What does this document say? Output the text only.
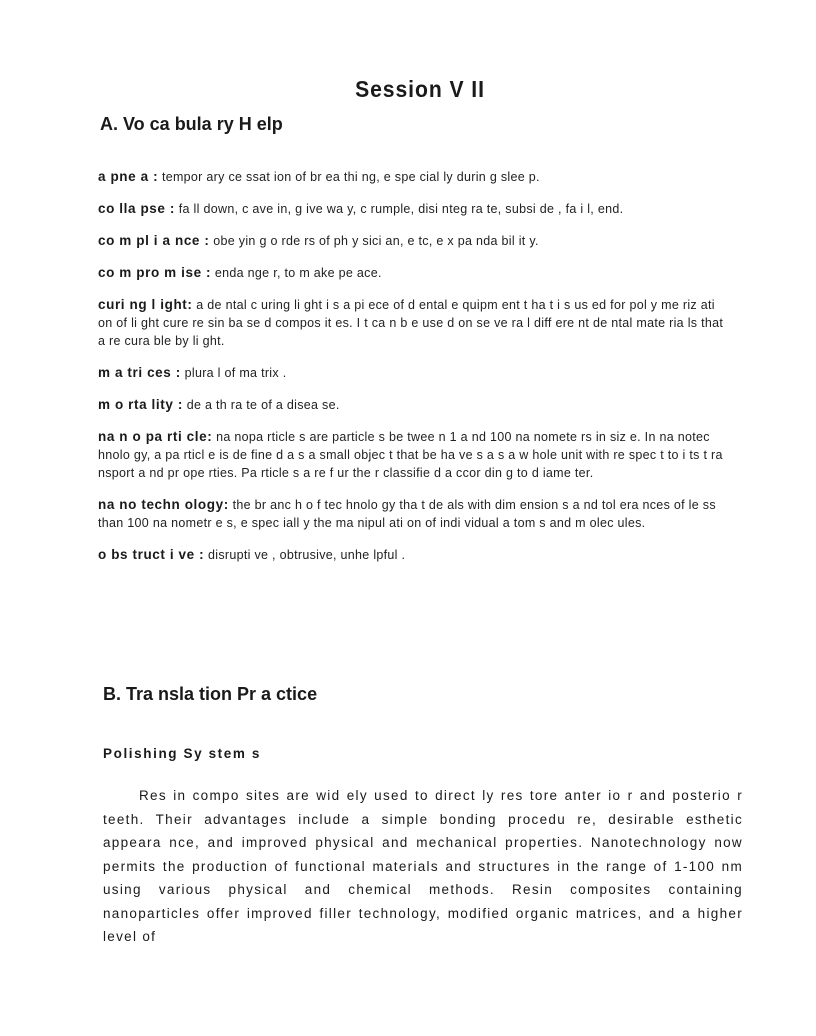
Session V II
A. Vo ca bula ry H elp

a pne a : tempor ary ce ssat ion of br ea thi ng, e spe cial ly durin g slee p.

co lla pse : fa ll down, c ave in, g ive wa y, c rumple, disi nteg ra te, subsi de , fa i l, end.

co m pl i a nce : obe yin g o rde rs of ph y sici an, e tc, e x pa nda bil it y.

co m pro m ise : enda nge r, to m ake pe ace.

curi ng l ight: a de ntal c uring li ght i s a pi ece of d ental e quipm ent t ha t i s us ed for pol y me riz ati on of li ght cure re sin ba se d compos it es. I t ca n b e use d on se ve ra l diff ere nt de ntal mate ria ls that a re cura ble by li ght.

m a tri ces : plura l of ma trix .

m o rta lity : de a th ra te of a disea se.

na n o pa rti cle: na nopa rticle s are particle s be twee n 1 a nd 100 na nomete rs in siz e. In na notec hnolo gy, a pa rticl e is de fine d a s a small objec t that be ha ve s a s a w hole unit with re spec t to i ts t ra nsport a nd pr ope rties. Pa rticle s a re f ur the r classifie d a ccor din g to d iame ter.

na no techn ology: the br anc h o f tec hnolo gy tha t de als with dim ension s a nd tol era nces of le ss than 100 na nometr e s, e spec iall y the ma nipul ati on of indi vidual a tom s and m olec ules.

o bs truct i ve : disrupti ve , obtrusive, unhe lpful .

B. Tra nsla tion Pr a ctice
Polishing Sy stem s
Res in compo sites are wid ely used to direct ly res tore anter io r and posterio r teeth. Their advantages include a simple bonding procedu re, desirable esthetic appeara nce, and improved physical and mechanical properties. Nanotechnology now permits the production of functional materials and structures in the range of 1-100 nm using various physical and chemical methods. Resin composites containing nanoparticles offer improved filler technology, modified organic matrices, and a higher level of
